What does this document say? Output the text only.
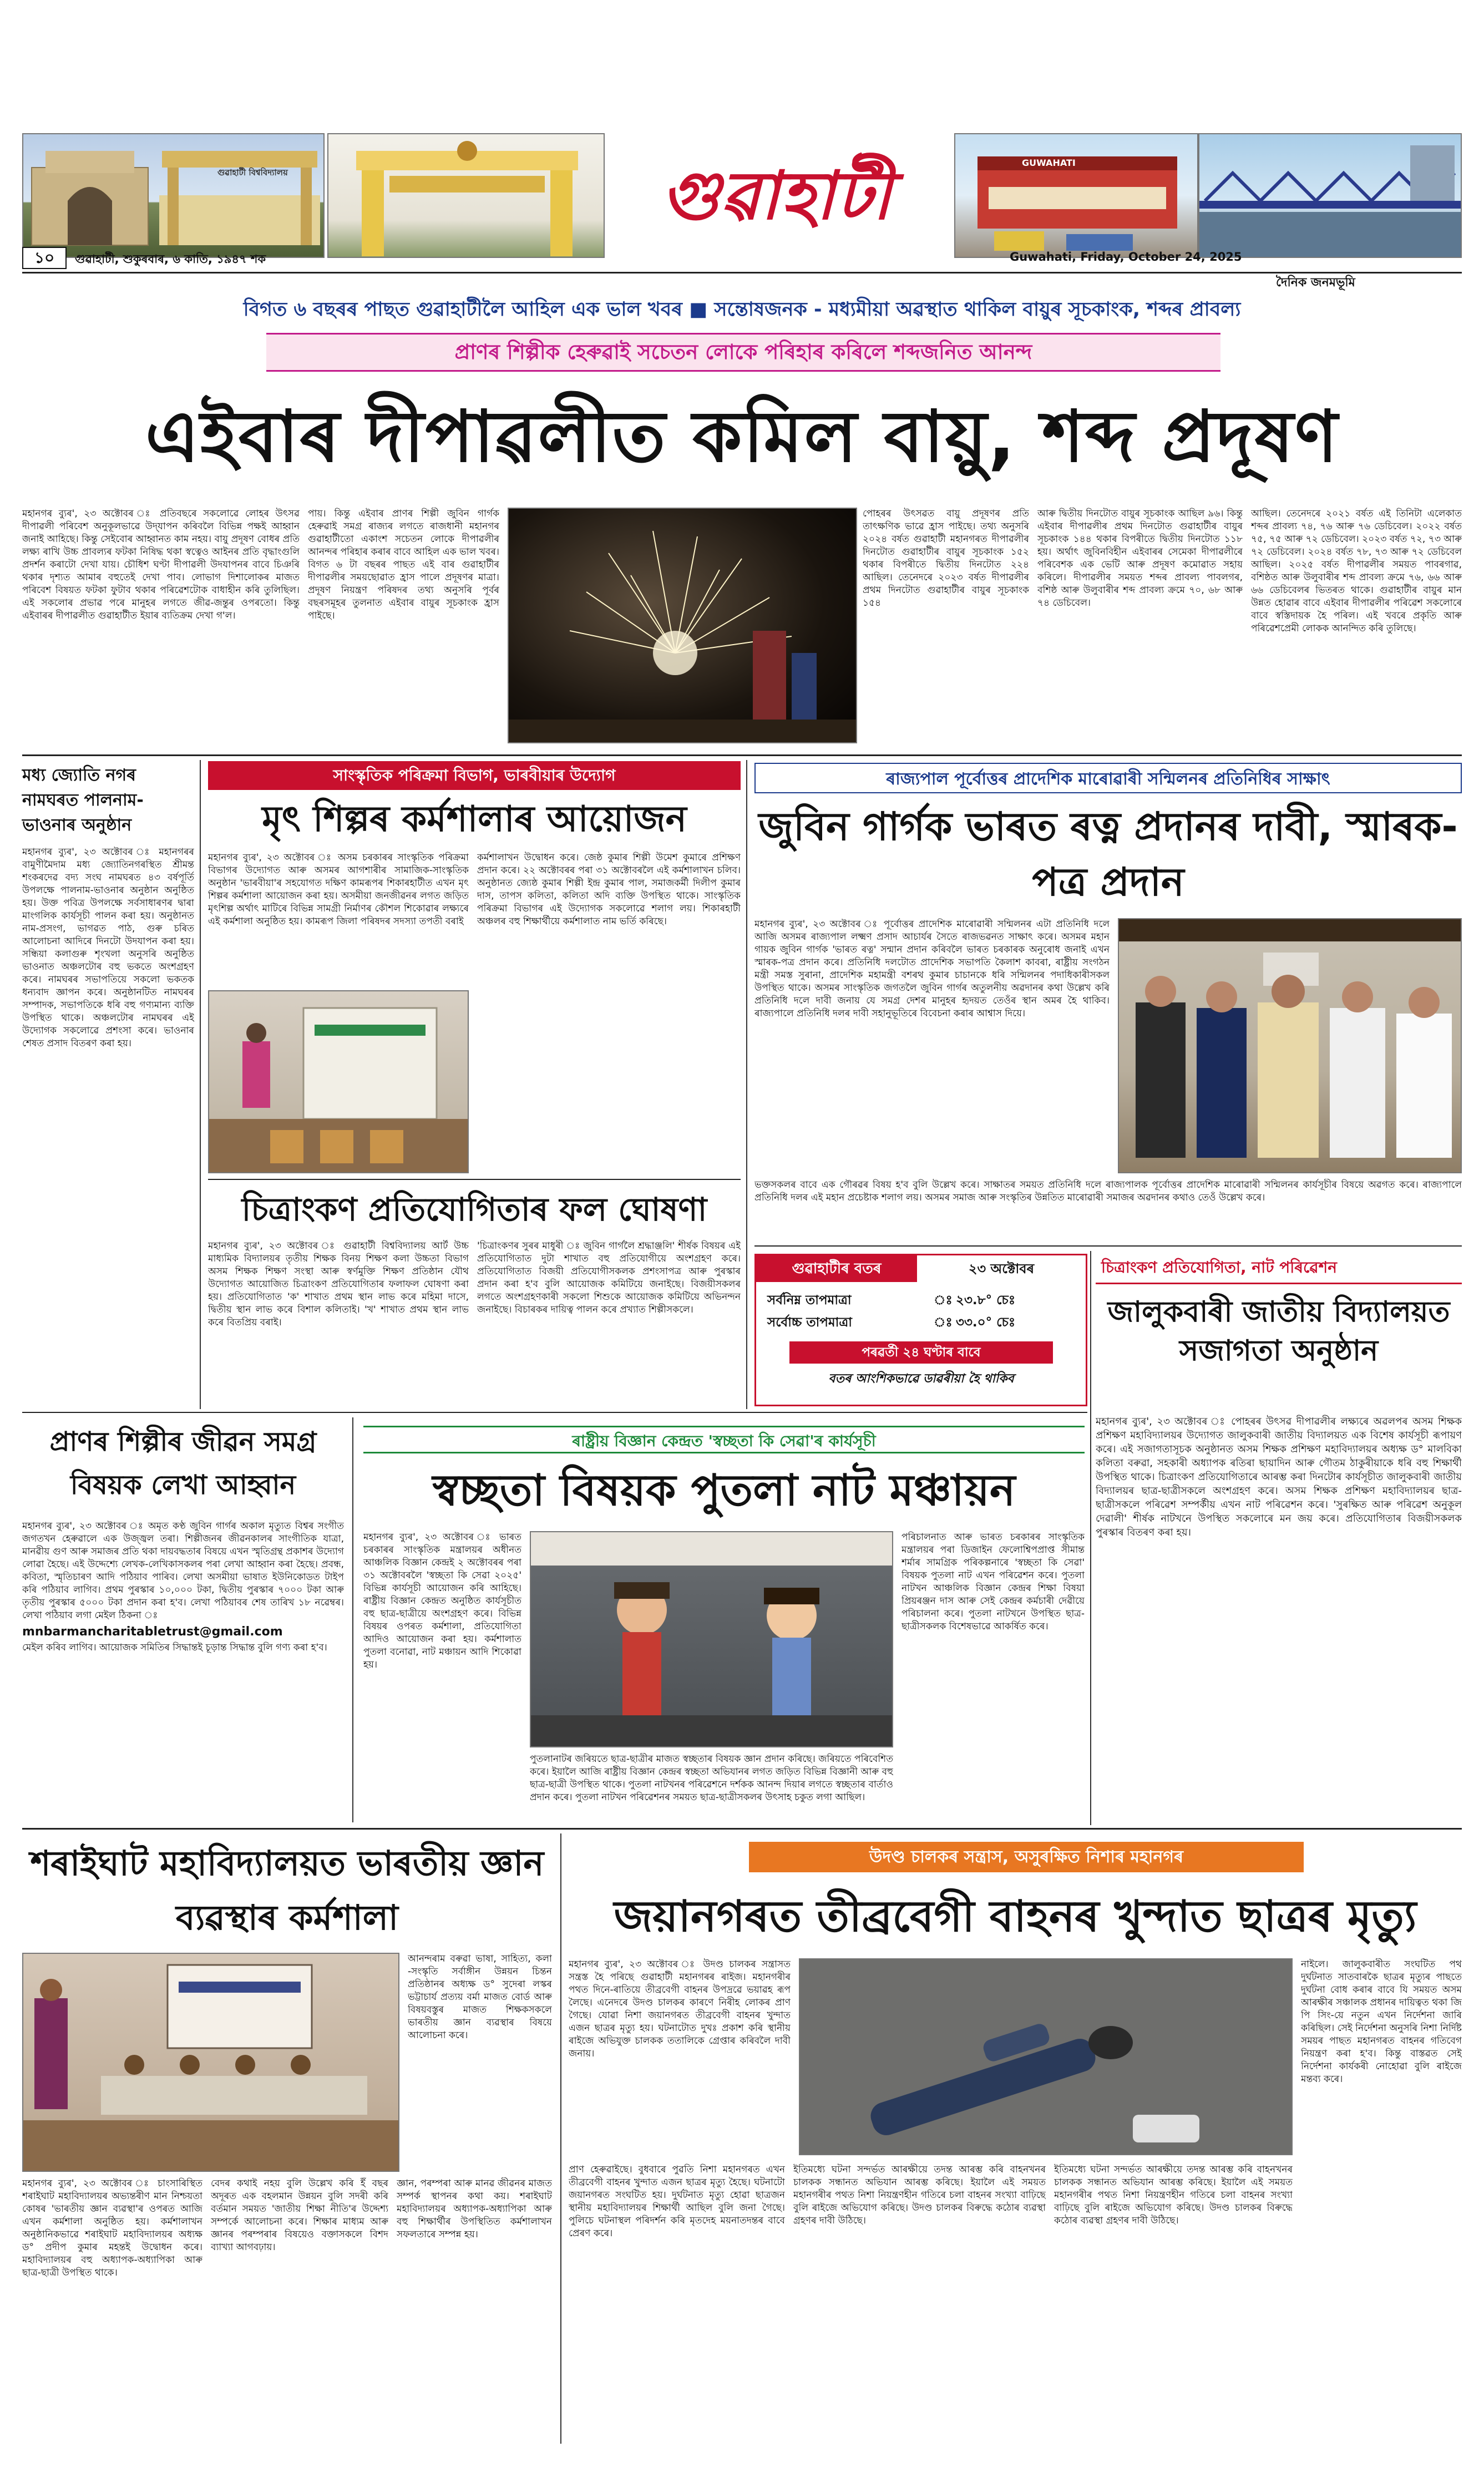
গুৱাহাটী বিশ্ববিদ্যালয়	গুৱাহাটী	GUWAHATI
১০	গুৱাহাটী, শুকুৰবাৰ, ৬ কাতি, ১৯৪৭ শক	Guwahati, Friday, October 24, 2025
দৈনিক জনমভূমি
বিগত ৬ বছৰৰ পাছত গুৱাহাটীলৈ আহিল এক ভাল খবৰ ■ সন্তোষজনক - মধ্যমীয়া অৱস্থাত থাকিল বায়ুৰ সূচকাংক, শব্দৰ প্ৰাবল্য
প্ৰাণৰ শিল্পীক হেৰুৱাই সচেতন লোকে পৰিহাৰ কৰিলে শব্দজনিত আনন্দ
এইবাৰ দীপাৱলীত কমিল বায়ু, শব্দ প্ৰদূষণ
মহানগৰ ব্যুৰ', ২৩ অক্টোবৰ ঃ প্ৰতিবছৰে সকলোৱে লোহৰ উৎসৱ দীপাৱলী পৰিবেশ অনুকূলভাৱে উদ্‌যাপন কৰিবলৈ বিভিন্ন পক্ষই আহ্বান জনাই আহিছে। কিন্তু সেইবোৰ আহ্বানত কাম নহয়। বায়ু প্ৰদূষণ বোধৰ প্ৰতি লক্ষ্য ৰাখি উচ্চ প্ৰাবল্যৰ ফটকা নিষিদ্ধ থকা স্বত্বেও আইনৰ প্ৰতি বৃদ্ধাংগুলি প্ৰদৰ্শন কৰাটো দেখা যায়। চৌধিশ ঘণ্টা দীপাৱলী উদযাপনৰ বাবে চিঞৰি থকাৰ দৃশ্যত আমাৰ বহুতেই দেখা পাব। লোভাগ দিশালোকৰ মাজত পৰিবেশ বিষয়ত ফটকা ফুটাব থকাৰ পৰিৱেশটোক বাধাহীন কৰি তুলিছিল। এই সকলোৰ প্ৰভাৱ পৰে মানুহৰ লগতে জীৱ-জন্তুৰ ওপৰতো। কিন্তু এইবাৰৰ দীপাৱলীত গুৱাহাটীত ইয়াৰ ব্যতিক্ৰম দেখা গ'ল।
পায়। কিন্তু এইবাৰ প্ৰাণৰ শিল্পী জুবিন গাৰ্গক হেৰুৱাই সমগ্ৰ ৰাজ্যৰ লগতে ৰাজধানী মহানগৰ গুৱাহাটীতো একাংশ সচেতন লোকে দীপাৱলীৰ আনন্দৰ পৰিহাৰ কৰাৰ বাবে আহিল এক ভাল খবৰ। বিগত ৬ টা বছৰৰ পাছত এই বাৰ গুৱাহাটীৰ দীপাৱলীৰ সময়ছোৱাত হ্ৰাস পালে প্ৰদূষণৰ মাত্ৰা। প্ৰদূষণ নিয়ন্ত্ৰণ পৰিষদৰ তথ্য অনুসৰি পূৰ্বৰ বছৰসমূহৰ তুলনাত এইবাৰ বায়ুৰ সূচকাংক হ্ৰাস পাইছে।
পোহৰৰ উৎসৱত বায়ু প্ৰদূষণৰ প্ৰতি তাৎক্ষণিক ভাৱে হ্ৰাস পাইছে। তথ্য অনুসৰি ২০২৪ বৰ্ষত গুৱাহাটী মহানগৰত দীপাৱলীৰ দিনটোত গুৱাহাটীৰ বায়ুৰ সূচকাংক ১৫২ থকাৰ বিপৰীতে দ্বিতীয় দিনটোত ২২৪ আছিল। তেনেদৰে ২০২৩ বৰ্ষত দীপাৱলীৰ প্ৰথম দিনটোত গুৱাহাটীৰ বায়ুৰ সূচকাংক ১৫৪
আৰু দ্বিতীয় দিনটোত বায়ুৰ সূচকাংক আছিল ৯৬। কিন্তু এইবাৰ দীপাৱলীৰ প্ৰথম দিনটোত গুৱাহাটীৰ বায়ুৰ সূচকাংক ১৪৪ থকাৰ বিপৰীতে দ্বিতীয় দিনটোত ১১৮ হয়। অৰ্থাৎ জুবিনবিহীন এইবাৰৰ সেমেকা দীপাৱলীৰে পৰিবেশক এক ভেটি আৰু প্ৰদূষণ কমোৱাত সহায় কৰিলে। দীপাৱলীৰ সময়ত শব্দৰ প্ৰাবল্য পাবলগৰ, বশিষ্ঠ আৰু উলুবাৰীৰ শব্দ প্ৰাবল্য ক্ৰমে ৭০, ৬৮ আৰু ৭৪ ডেচিবেল।
আছিল। তেনেদৰে ২০২১ বৰ্ষত এই তিনিটা এলেকাত শব্দৰ প্ৰাবল্য ৭৪, ৭৬ আৰু ৭৬ ডেচিবেল। ২০২২ বৰ্ষত ৭৫, ৭৫ আৰু ৭২ ডেচিবেল। ২০২৩ বৰ্ষত ৭২, ৭৩ আৰু ৭২ ডেচিবেল। ২০২৪ বৰ্ষত ৭৮, ৭৩ আৰু ৭২ ডেচিবেল আছিল। ২০২৫ বৰ্ষত দীপাৱলীৰ সময়ত পাবৰগাৱ, বশিষ্ঠত আৰু উলুবাৰীৰ শব্দ প্ৰাবল্য ক্ৰমে ৭৬, ৬৬ আৰু ৬৬ ডেচিবেলৰ ভিতৰত থাকে। গুৱাহাটীৰ বায়ুৰ মান উন্নত হোৱাৰ বাবে এইবাৰ দীপাৱলীৰ পৰিৱেশ সকলোৰে বাবে স্বস্তিদায়ক হৈ পৰিল। এই খবৰে প্ৰকৃতি আৰু পৰিৱেশপ্ৰেমী লোকক আনন্দিত কৰি তুলিছে।
মধ্য জ্যোতি নগৰ নামঘৰত পালনাম-ভাওনাৰ অনুষ্ঠান
মহানগৰ ব্যুৰ', ২৩ অক্টোবৰ ঃ মহানগৰৰ বামুণীমৈদাম মধ্য জ্যোতিনগৰস্থিত শ্ৰীমন্ত শংকৰদেৱ বদ্য সংঘ নামঘৰত ৪৩ বৰ্ষপূৰ্তি উপলক্ষে পালনাম-ভাওনাৰ অনুষ্ঠান অনুষ্ঠিত হয়। উক্ত পবিত্ৰ উপলক্ষে সৰ্বসাধাৰণৰ দ্বাৰা মাংগলিক কাৰ্যসূচী পালন কৰা হয়। অনুষ্ঠানত নাম-প্ৰসংগ, ভাগৱত পাঠ, গুৰু চৰিত আলোচনা আদিৰে দিনটো উদযাপন কৰা হয়। সন্ধিয়া কলাগুৰু শৃংখলা অনুসৰি অনুষ্ঠিত ভাওনাত অঞ্চলটোৰ বহু ভকতে অংশগ্ৰহণ কৰে। নামঘৰৰ সভাপতিয়ে সকলো ভকতক ধন্যবাদ জ্ঞাপন কৰে। অনুষ্ঠানটিত নামঘৰৰ সম্পাদক, সভাপতিকে ধৰি বহু গণ্যমান্য ব্যক্তি উপস্থিত থাকে। অঞ্চলটোৰ নামঘৰৰ এই উদ্যোগক সকলোৱে প্ৰশংসা কৰে। ভাওনাৰ শেষত প্ৰসাদ বিতৰণ কৰা হয়।
সাংস্কৃতিক পৰিক্ৰমা বিভাগ, ভাৰবীয়াৰ উদ্যোগ
মৃৎ শিল্পৰ কৰ্মশালাৰ আয়োজন
মহানগৰ ব্যুৰ', ২৩ অক্টোবৰ ঃ অসম চৰকাৰৰ সাংস্কৃতিক পৰিক্ৰমা বিভাগৰ উদ্যোগত আৰু অসমৰ আগশাৰীৰ সামাজিক-সাংস্কৃতিক অনুষ্ঠান 'ভাৰবীয়া'ৰ সহযোগত দক্ষিণ কামৰূপৰ শিকাৰহাটীত এখন মৃৎ শিল্পৰ কৰ্মশালা আয়োজন কৰা হয়। অসমীয়া জনজীৱনৰ লগত জড়িত মৃৎশিল্প অৰ্থাৎ মাটিৰে বিভিন্ন সামগ্ৰী নিৰ্মাণৰ কৌশল শিকোৱাৰ লক্ষ্যৰে এই কৰ্মশালা অনুষ্ঠিত হয়। কামৰূপ জিলা পৰিষদৰ সদস্যা তপতী বৰাই
কৰ্মশালাখন উদ্বোধন কৰে। জেষ্ঠ কুমাৰ শিল্পী উমেশ কুমাৰে প্ৰশিক্ষণ প্ৰদান কৰে। ২২ অক্টোবৰৰ পৰা ৩১ অক্টোবৰলৈ এই কৰ্মশালাখন চলিব। অনুষ্ঠানত জ্যেষ্ঠ কুমাৰ শিল্পী ইন্দ্ৰ কুমাৰ পাল, সমাজকৰ্মী দিলীপ কুমাৰ দাস, তাপস কলিতা, কলিতা অদি ব্যক্তি উপস্থিত থাকে। সাংস্কৃতিক পৰিক্ৰমা বিভাগৰ এই উদ্যোগক সকলোৱে শলাগ লয়। শিকাৰহাটী অঞ্চলৰ বহু শিক্ষাৰ্থীয়ে কৰ্মশালাত নাম ভৰ্তি কৰিছে।
চিত্ৰাংকণ প্ৰতিযোগিতাৰ ফল ঘোষণা
মহানগৰ ব্যুৰ', ২৩ অক্টোবৰ ঃ গুৱাহাটী বিশ্ববিদ্যালয় আৰ্ট উচ্চ মাধ্যমিক বিদ্যালয়ৰ তৃতীয় শিক্ষক বিনয় শিক্ষণ কলা উচ্চতা বিভাগ অসম শিক্ষক শিক্ষণ সংস্থা আৰু স্বৰ্ণমুক্তি শিক্ষণ প্ৰতিষ্ঠান যৌথ উদ্যোগত আয়োজিত চিত্ৰাংকণ প্ৰতিযোগিতাৰ ফলাফল ঘোষণা কৰা হয়। প্ৰতিযোগিতাত 'ক' শাখাত প্ৰথম স্থান লাভ কৰে মহিমা দাসে, দ্বিতীয় স্থান লাভ কৰে বিশাল কলিতাই। 'খ' শাখাত প্ৰথম স্থান লাভ কৰে বিতপ্ৰিয় বৰাই।
'চিত্ৰাংকণৰ সুৰৰ মাধুৰী ঃ জুবিন গাৰ্গলৈ শ্ৰদ্ধাঞ্জলি' শীৰ্ষক বিষয়ৰ এই প্ৰতিযোগিতাত দুটা শাখাত বহু প্ৰতিযোগীয়ে অংশগ্ৰহণ কৰে। প্ৰতিযোগিতাত বিজয়ী প্ৰতিযোগীসকলক প্ৰশংসাপত্ৰ আৰু পুৰস্কাৰ প্ৰদান কৰা হ'ব বুলি আয়োজক কমিটিয়ে জনাইছে। বিজয়ীসকলৰ লগতে অংশগ্ৰহণকাৰী সকলো শিশুকে আয়োজক কমিটিয়ে অভিনন্দন জনাইছে। বিচাৰকৰ দায়িত্ব পালন কৰে প্ৰখ্যাত শিল্পীসকলে।
ৰাজ্যপাল পূৰ্বোত্তৰ প্ৰাদেশিক মাৰোৱাৰী সন্মিলনৰ প্ৰতিনিধিৰ সাক্ষাৎ
জুবিন গাৰ্গক ভাৰত ৰত্ন প্ৰদানৰ দাবী, স্মাৰক-পত্ৰ প্ৰদান
মহানগৰ ব্যুৰ', ২৩ অক্টোবৰ ঃ পূৰ্বোত্তৰ প্ৰাদেশিক মাৰোৱাৰী সন্মিলনৰ এটা প্ৰতিনিধি দলে আজি অসমৰ ৰাজ্যপাল লক্ষ্মণ প্ৰসাদ আচাৰ্যৰ সৈতে ৰাজভৱনত সাক্ষাৎ কৰে। অসমৰ মহান গায়ক জুবিন গাৰ্গক 'ভাৰত ৰত্ন' সন্মান প্ৰদান কৰিবলৈ ভাৰত চৰকাৰক অনুৰোধ জনাই এখন স্মাৰক-পত্ৰ প্ৰদান কৰে। প্ৰতিনিধি দলটোত প্ৰাদেশিক সভাপতি কৈলাশ কাবৰা, ৰাষ্ট্ৰীয় সংগঠন মন্ত্ৰী সমস্ত সুৰানা, প্ৰাদেশিক মহামন্ত্ৰী বশৰথ কুমাৰ চাচানকে ধৰি সন্মিলনৰ পদাধিকাৰীসকল উপস্থিত থাকে। অসমৰ সাংস্কৃতিক জগতলৈ জুবিন গাৰ্গৰ অতুলনীয় অৱদানৰ কথা উল্লেখ কৰি প্ৰতিনিধি দলে দাবী জনায় যে সমগ্ৰ দেশৰ মানুহৰ হৃদয়ত তেওঁৰ স্থান অমৰ হৈ থাকিব। ৰাজ্যপালে প্ৰতিনিধি দলৰ দাবী সহানুভূতিৰে বিবেচনা কৰাৰ আশ্বাস দিয়ে।
ভক্তসকলৰ বাবে এক গৌৰৱৰ বিষয় হ'ব বুলি উল্লেখ কৰে। সাক্ষাতৰ সময়ত প্ৰতিনিধি দলে ৰাজ্যপালক পূৰ্বোত্তৰ প্ৰাদেশিক মাৰোৱাৰী সন্মিলনৰ কাৰ্যসূচীৰ বিষয়ে অৱগত কৰে। ৰাজ্যপালে প্ৰতিনিধি দলৰ এই মহান প্ৰচেষ্টাক শলাগ লয়। অসমৰ সমাজ আৰু সংস্কৃতিৰ উন্নতিত মাৰোৱাৰী সমাজৰ অৱদানৰ কথাও তেওঁ উল্লেখ কৰে।
গুৱাহাটীৰ বতৰ	২৩ অক্টোবৰ
সৰ্বনিম্ন তাপমাত্ৰা	ঃ ২৩.৮° চেঃ
সৰ্বোচ্চ তাপমাত্ৰা	ঃ ৩৩.০° চেঃ
পৰৱৰ্তী ২৪ ঘণ্টাৰ বাবে
বতৰ আংশিকভাৱে ডাৱৰীয়া হৈ থাকিব
চিত্ৰাংকণ প্ৰতিযোগিতা, নাট পৰিৱেশন
জালুকবাৰী জাতীয় বিদ্যালয়ত সজাগতা অনুষ্ঠান
মহানগৰ ব্যুৰ', ২৩ অক্টোবৰ ঃ পোহৰৰ উৎসৱ দীপাৱলীৰ লক্ষ্যৰে অৱলপৰ অসম শিক্ষক প্ৰশিক্ষণ মহাবিদ্যালয়ৰ উদ্যোগত জালুকবাৰী জাতীয় বিদ্যালয়ত এক বিশেষ কাৰ্যসূচী ৰূপায়ণ কৰে। এই সজাগতাসূচক অনুষ্ঠানত অসম শিক্ষক প্ৰশিক্ষণ মহাবিদ্যালয়ৰ অধ্যক্ষ ড° মালবিকা কলিতা বৰুৱা, সহকাৰী অধ্যাপক ৰতিৰা ছায়াদিন আৰু গৌতম ঠাকুৰীয়াকে ধৰি বহু শিক্ষাৰ্থী উপস্থিত থাকে। চিত্ৰাংকণ প্ৰতিযোগিতাৰে আৰম্ভ কৰা দিনটোৰ কাৰ্যসূচীত জালুকবাৰী জাতীয় বিদ্যালয়ৰ ছাত্ৰ-ছাত্ৰীসকলে অংশগ্ৰহণ কৰে। অসম শিক্ষক প্ৰশিক্ষণ মহাবিদ্যালয়ৰ ছাত্ৰ-ছাত্ৰীসকলে পৰিৱেশ সম্পৰ্কীয় এখন নাট পৰিৱেশন কৰে। 'সুৰক্ষিত আৰু পৰিৱেশ অনুকূল দেৱালী' শীৰ্ষক নাটখনে উপস্থিত সকলোৰে মন জয় কৰে। প্ৰতিযোগিতাৰ বিজয়ীসকলক পুৰস্কাৰ বিতৰণ কৰা হয়।
প্ৰাণৰ শিল্পীৰ জীৱন সমগ্ৰ বিষয়ক লেখা আহ্বান
মহানগৰ ব্যুৰ', ২৩ অক্টোবৰ ঃ অমৃত কণ্ঠ জুবিন গাৰ্গৰ অকাল মৃত্যুত বিশ্বৰ সংগীত জগতখন হেৰুৱালে এক উজ্জ্বল তৰা। শিল্পীজনৰ জীৱনকালৰ সাংগীতিক যাত্ৰা, মানৱীয় গুণ আৰু সমাজৰ প্ৰতি থকা দায়বদ্ধতাৰ বিষয়ে এখন স্মৃতিগ্ৰন্থ প্ৰকাশৰ উদ্যোগ লোৱা হৈছে। এই উদ্দেশ্যে লেখক-লেখিকাসকলৰ পৰা লেখা আহ্বান কৰা হৈছে। প্ৰবন্ধ, কবিতা, স্মৃতিচাৰণ আদি পঠিয়াব পাৰিব। লেখা অসমীয়া ভাষাত ইউনিকোডত টাইপ কৰি পঠিয়াব লাগিব। প্ৰথম পুৰস্কাৰ ১০,০০০ টকা, দ্বিতীয় পুৰস্কাৰ ৭০০০ টকা আৰু তৃতীয় পুৰস্কাৰ ৫০০০ টকা প্ৰদান কৰা হ'ব। লেখা পঠিয়াবৰ শেষ তাৰিখ ১৮ নৱেম্বৰ। লেখা পঠিয়াব লগা মেইল ঠিকনা ঃ
mnbarmancharitabletrust@gmail.com
মেইল কৰিব লাগিব। আয়োজক সমিতিৰ সিদ্ধান্তই চূড়ান্ত সিদ্ধান্ত বুলি গণ্য কৰা হ'ব।
ৰাষ্ট্ৰীয় বিজ্ঞান কেন্দ্ৰত 'স্বচ্ছতা কি সেৱা'ৰ কাৰ্যসূচী
স্বচ্ছতা বিষয়ক পুতলা নাট মঞ্চায়ন
মহানগৰ ব্যুৰ', ২৩ অক্টোবৰ ঃ ভাৰত চৰকাৰৰ সাংস্কৃতিক মন্ত্ৰালয়ৰ অধীনত আঞ্চলিক বিজ্ঞান কেন্দ্ৰই ২ অক্টোবৰৰ পৰা ৩১ অক্টোবৰলৈ 'স্বচ্ছতা কি সেৱা ২০২৫' বিভিন্ন কাৰ্যসূচী আয়োজন কৰি আহিছে। ৰাষ্ট্ৰীয় বিজ্ঞান কেন্দ্ৰত অনুষ্ঠিত কাৰ্যসূচীত বহু ছাত্ৰ-ছাত্ৰীয়ে অংশগ্ৰহণ কৰে। বিভিন্ন বিষয়ৰ ওপৰত কৰ্মশালা, প্ৰতিযোগিতা আদিও আয়োজন কৰা হয়। কৰ্মশালাত পুতলা বনোৱা, নাট মঞ্চায়ন আদি শিকোৱা হয়।
পুতলানাটৰ জৰিয়তে ছাত্ৰ-ছাত্ৰীৰ মাজত স্বচ্ছতাৰ বিষয়ক জ্ঞান প্ৰদান কৰিছে। জৰিয়তে পৰিবেশিত কৰে। ইয়ালৈ আজি ৰাষ্ট্ৰীয় বিজ্ঞান কেন্দ্ৰৰ স্বচ্ছতা অভিযানৰ লগত জড়িত বিভিন্ন বিজ্ঞানী আৰু বহু ছাত্ৰ-ছাত্ৰী উপস্থিত থাকে। পুতলা নাটখনৰ পৰিৱেশনে দৰ্শকক আনন্দ দিয়াৰ লগতে স্বচ্ছতাৰ বাৰ্তাও প্ৰদান কৰে। পুতলা নাটখন পৰিৱেশনৰ সময়ত ছাত্ৰ-ছাত্ৰীসকলৰ উৎসাহ চকুত লগা আছিল।
পৰিচালনাত আৰু ভাৰত চৰকাৰৰ সাংস্কৃতিক মন্ত্ৰালয়ৰ পৰা ডিজাইন ফেলোশ্বিপপ্ৰাপ্ত সীমান্ত শৰ্মাৰ সামগ্ৰিক পৰিকল্পনাৰে 'স্বচ্ছতা কি সেৱা' বিষয়ক পুতলা নাট এখন পৰিৱেশন কৰে। পুতলা নাটখন আঞ্চলিক বিজ্ঞান কেন্দ্ৰৰ শিক্ষা বিষয়া প্ৰিয়ৰঞ্জন দাস আৰু সেই কেন্দ্ৰৰ কৰ্মচাৰী দেৱীয়ে পৰিচালনা কৰে। পুতলা নাটখনে উপস্থিত ছাত্ৰ-ছাত্ৰীসকলক বিশেষভাৱে আকৰ্ষিত কৰে।
শৰাইঘাট মহাবিদ্যালয়ত ভাৰতীয় জ্ঞান ব্যৱস্থাৰ কৰ্মশালা
আনন্দৰাম বৰুৱা ভাষা, সাহিত্য, কলা -সংস্কৃতি সৰ্বাঙ্গীন উন্নয়ন চিন্তন প্ৰতিষ্ঠানৰ অধ্যক্ষ ড° সুদেৰা লস্কৰ ভট্টাচাৰ্য প্ৰত্যয় বৰ্মা মাজত বোৰ্ড আৰু বিষয়বস্তুৰ মাজত শিক্ষকসকলে ভাৰতীয় জ্ঞান ব্যৱস্থাৰ বিষয়ে আলোচনা কৰে।
মহানগৰ ব্যুৰ', ২৩ অক্টোবৰ ঃ চাংসাৰিস্থিত শৰাইঘাট মহাবিদ্যালয়ৰ অভ্যন্তৰীণ মান নিশ্চয়তা কোষৰ 'ভাৰতীয় জ্ঞান ব্যৱস্থা'ৰ ওপৰত আজি এখন কৰ্মশালা অনুষ্ঠিত হয়। কৰ্মশালাখন অনুষ্ঠানিকভাৱে শৰাইঘাট মহাবিদ্যালয়ৰ অধ্যক্ষ ড° প্ৰদীপ কুমাৰ মহন্তই উদ্বোধন কৰে। মহাবিদ্যালয়ৰ বহু অধ্যাপক-অধ্যাপিকা আৰু ছাত্ৰ-ছাত্ৰী উপস্থিত থাকে।
বেদৰ কথাই নহয় বুলি উল্লেখ কৰি ইঁ বছৰ অদূৰত এক বহলমান উন্নয়ন বুলি সদৰী কৰি বৰ্তমান সময়ত 'জাতীয় শিক্ষা নীতি'ৰ উদ্দেশ্য সম্পৰ্কে আলোচনা কৰে। শিক্ষাৰ মাধ্যম আৰু জ্ঞানৰ পৰম্পৰাৰ বিষয়েও বক্তাসকলে বিশদ ব্যাখ্যা আগবঢ়ায়।
জ্ঞান, পৰম্পৰা আৰু মানৱ জীৱনৰ মাজত সম্পৰ্ক স্থাপনৰ কথা কয়। শৰাইঘাট মহাবিদ্যালয়ৰ অধ্যাপক-অধ্যাপিকা আৰু বহু শিক্ষাৰ্থীৰ উপস্থিতিত কৰ্মশালাখন সফলতাৰে সম্পন্ন হয়।
উদণ্ড চালকৰ সন্ত্ৰাস, অসুৰক্ষিত নিশাৰ মহানগৰ
জয়ানগৰত তীব্ৰবেগী বাহনৰ খুন্দাত ছাত্ৰৰ মৃত্যু
মহানগৰ ব্যুৰ', ২৩ অক্টোবৰ ঃ উদণ্ড চালকৰ সন্ত্ৰাসত সন্ত্ৰস্ত হৈ পৰিছে গুৱাহাটী মহানগৰৰ ৰাইজ। মহানগৰীৰ পথত দিনে-ৰাতিয়ে তীব্ৰবেগী বাহনৰ উপদ্ৰৱে ভয়াৱহ ৰূপ লৈছে। এনেদৰে উদণ্ড চালকৰ কাৰণে নিৰীহ লোকৰ প্ৰাণ গৈছে। যোৱা নিশা জয়ানগৰত তীব্ৰবেগী বাহনৰ খুন্দাত এজন ছাত্ৰৰ মৃত্যু হয়। ঘটনাটোত দুখঃ প্ৰকাশ কৰি স্থানীয় ৰাইজে অভিযুক্ত চালকক ততালিকে গ্ৰেপ্তাৰ কৰিবলৈ দাবী জনায়।
প্ৰাণ হেৰুৱাইছে। বুধবাৰে পুৱতি নিশা মহানগৰত এখন তীব্ৰবেগী বাহনৰ খুন্দাত এজন ছাত্ৰৰ মৃত্যু হৈছে। ঘটনাটো জয়ানগৰত সংঘটিত হয়। দুৰ্ঘটনাত মৃত্যু হোৱা ছাত্ৰজন স্থানীয় মহাবিদ্যালয়ৰ শিক্ষাৰ্থী আছিল বুলি জনা গৈছে। পুলিচে ঘটনাস্থল পৰিদৰ্শন কৰি মৃতদেহ ময়নাতদন্তৰ বাবে প্ৰেৰণ কৰে।
ইতিমধ্যে ঘটনা সন্দৰ্ভত আৰক্ষীয়ে তদন্ত আৰম্ভ কৰি বাহনখনৰ চালকক সন্ধানত অভিযান আৰম্ভ কৰিছে। ইয়ালৈ এই সময়ত মহানগৰীৰ পথত নিশা নিয়ন্ত্ৰণহীন গতিৰে চলা বাহনৰ সংখ্যা বাঢ়িছে বুলি ৰাইজে অভিযোগ কৰিছে। উদণ্ড চালকৰ বিৰুদ্ধে কঠোৰ ব্যৱস্থা গ্ৰহণৰ দাবী উঠিছে।
ইতিমধ্যে ঘটনা সন্দৰ্ভত আৰক্ষীয়ে তদন্ত আৰম্ভ কৰি বাহনখনৰ চালকক সন্ধানত অভিযান আৰম্ভ কৰিছে। ইয়ালৈ এই সময়ত মহানগৰীৰ পথত নিশা নিয়ন্ত্ৰণহীন গতিৰে চলা বাহনৰ সংখ্যা বাঢ়িছে বুলি ৰাইজে অভিযোগ কৰিছে। উদণ্ড চালকৰ বিৰুদ্ধে কঠোৰ ব্যৱস্থা গ্ৰহণৰ দাবী উঠিছে।
নাইলে। জালুকবাৰীত সংঘটিত পথ দুৰ্ঘটনাত সাতবাৰকৈ ছাত্ৰৰ মৃত্যুৰ পাছতে দুৰ্ঘটনা বোধ কৰাৰ বাবে যি সময়ত অসম আৰক্ষীৰ সঞ্চালক প্ৰধানৰ দায়িত্বত থকা জি পি সিং-য়ে নতুন এখন নিৰ্দেশনা জাৰি কৰিছিল। সেই নিৰ্দেশনা অনুসৰি নিশা নিৰ্দিষ্ট সময়ৰ পাছত মহানগৰত বাহনৰ গতিবেগ নিয়ন্ত্ৰণ কৰা হ'ব। কিন্তু বাস্তৱত সেই নিৰ্দেশনা কাৰ্যকৰী নোহোৱা বুলি ৰাইজে মন্তব্য কৰে।
